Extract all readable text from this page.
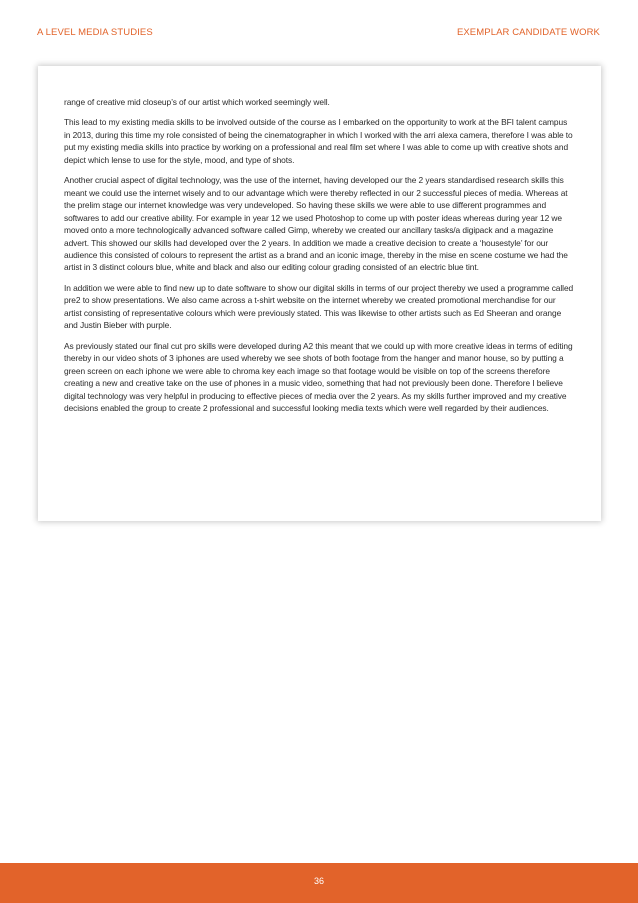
A LEVEL MEDIA STUDIES	EXEMPLAR CANDIDATE WORK

range of creative mid closeup’s of our artist which worked seemingly well.

This lead to my existing media skills to be involved outside of the course as I embarked on the opportunity to work at the BFI talent campus in 2013, during this time my role consisted of being the cinematographer in which I worked with the arri alexa camera, therefore I was able to put my existing media skills into practice by working on a professional and real film set where I was able to come up with creative shots and depict which lense to use for the style, mood, and type of shots.

Another crucial aspect of digital technology, was the use of the internet, having developed our the 2 years standardised research skills this meant we could use the internet wisely and to our advantage which were thereby reflected in our 2 successful pieces of media. Whereas at the prelim stage our internet knowledge was very undeveloped. So having these skills we were able to use different programmes and softwares to add our creative ability. For example in year 12 we used Photoshop to come up with poster ideas whereas during year 12 we moved onto a more technologically advanced software called Gimp, whereby we created our ancillary tasks/a digipack and a magazine advert. This showed our skills had developed over the 2 years. In addition we made a creative decision to create a ‘housestyle’ for our audience this consisted of colours to represent the artist as a brand and an iconic image, thereby in the mise en scene costume we had the artist in 3 distinct colours blue, white and black and also our editing colour grading consisted of an electric blue tint.

In addition we were able to find new up to date software to show our digital skills in terms of our project thereby we used a programme called pre2 to show presentations. We also came across a t-shirt website on the internet whereby we created promotional merchandise for our artist consisting of representative colours which were previously stated. This was likewise to other artists such as Ed Sheeran and orange and Justin Bieber with purple.

As previously stated our final cut pro skills were developed during A2 this meant that we could up with more creative ideas in terms of editing thereby in our video shots of 3 iphones are used whereby we see shots of both footage from the hanger and manor house, so by putting a green screen on each iphone we were able to chroma key each image so that footage would be visible on top of the screens therefore creating a new and creative take on the use of phones in a music video, something that had not previously been done. Therefore I believe digital technology was very helpful in producing to effective pieces of media over the 2 years. As my skills further improved and my creative decisions enabled the group to create 2 professional and successful looking media texts which were well regarded by their audiences.

36
